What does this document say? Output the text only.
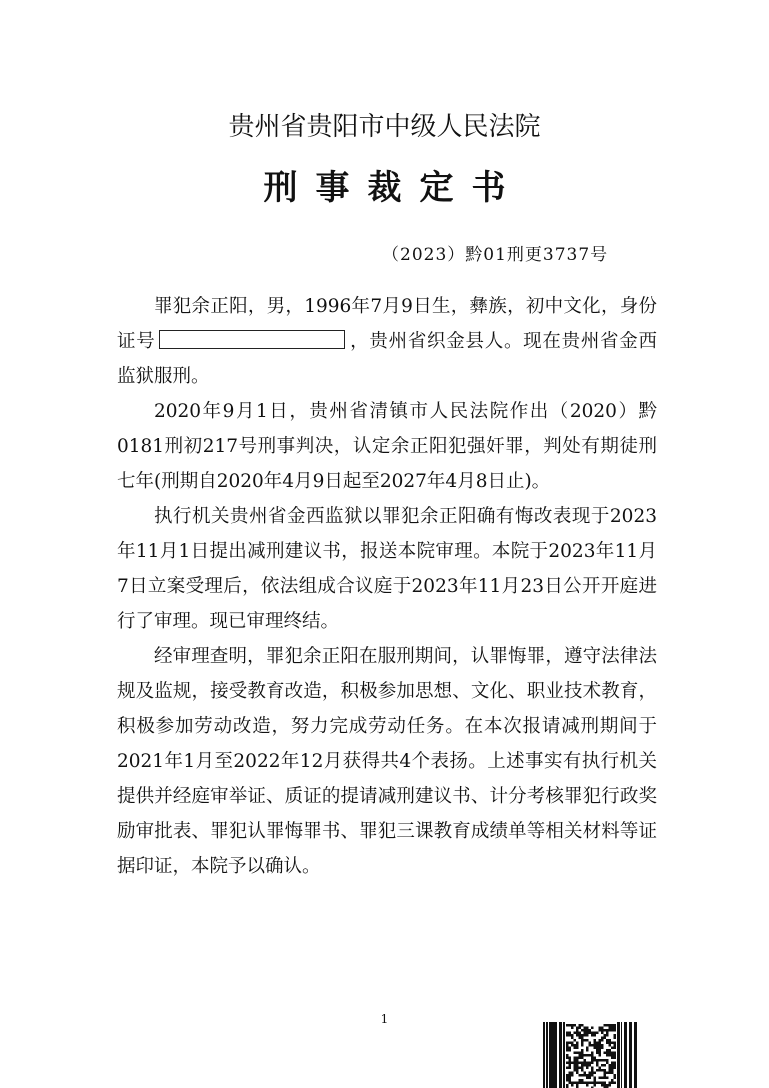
贵州省贵阳市中级人民法院
刑事裁定书
（2023）黔01刑更3737号

罪犯余正阳，男，1996年7月9日生，彝族，初中文化，身份证号	，贵州省织金县人。现在贵州省金西监狱服刑。

2020年9月1日，贵州省清镇市人民法院作出（2020）黔0181刑初217号刑事判决，认定余正阳犯强奸罪，判处有期徒刑七年(刑期自2020年4月9日起至2027年4月8日止)。

执行机关贵州省金西监狱以罪犯余正阳确有悔改表现于2023年11月1日提出减刑建议书，报送本院审理。本院于2023年11月7日立案受理后，依法组成合议庭于2023年11月23日公开开庭进行了审理。现已审理终结。

经审理查明，罪犯余正阳在服刑期间，认罪悔罪，遵守法律法规及监规，接受教育改造，积极参加思想、文化、职业技术教育，积极参加劳动改造，努力完成劳动任务。在本次报请减刑期间于2021年1月至2022年12月获得共4个表扬。上述事实有执行机关提供并经庭审举证、质证的提请减刑建议书、计分考核罪犯行政奖励审批表、罪犯认罪悔罪书、罪犯三课教育成绩单等相关材料等证据印证，本院予以确认。

1
